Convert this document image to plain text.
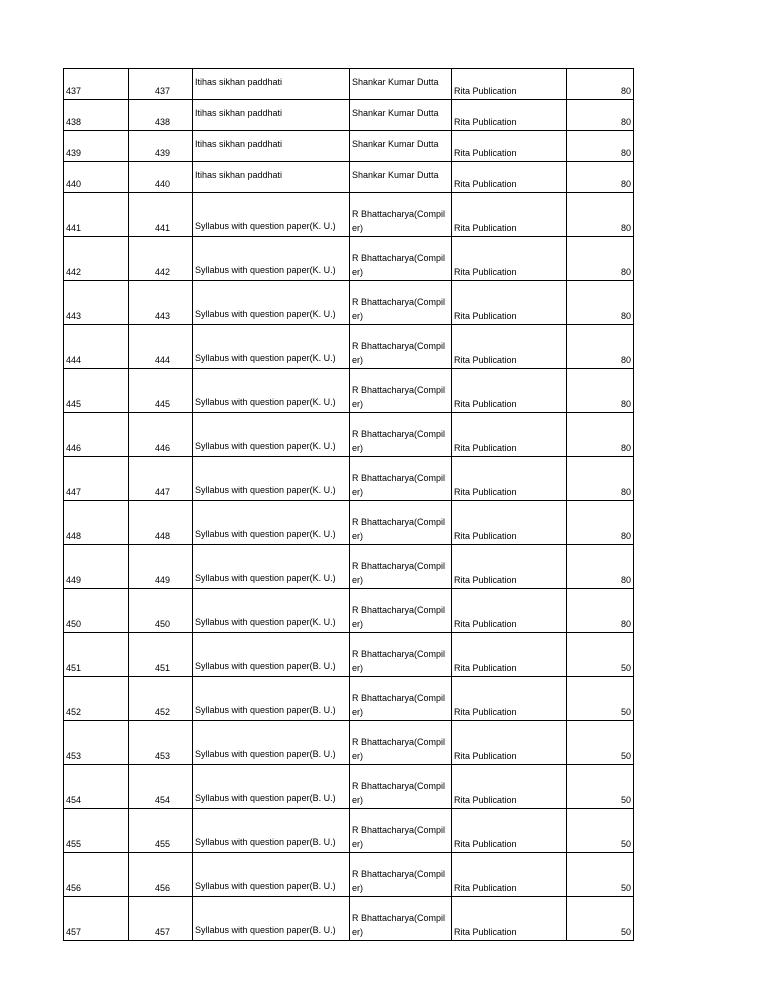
437	437	Itihas sikhan paddhati	Shankar Kumar Dutta	Rita Publication	80
438	438	Itihas sikhan paddhati	Shankar Kumar Dutta	Rita Publication	80
439	439	Itihas sikhan paddhati	Shankar Kumar Dutta	Rita Publication	80
440	440	Itihas sikhan paddhati	Shankar Kumar Dutta	Rita Publication	80
441	441	Syllabus with question paper(K. U.)	R Bhattacharya(Compiler)	Rita Publication	80
442	442	Syllabus with question paper(K. U.)	R Bhattacharya(Compiler)	Rita Publication	80
443	443	Syllabus with question paper(K. U.)	R Bhattacharya(Compiler)	Rita Publication	80
444	444	Syllabus with question paper(K. U.)	R Bhattacharya(Compiler)	Rita Publication	80
445	445	Syllabus with question paper(K. U.)	R Bhattacharya(Compiler)	Rita Publication	80
446	446	Syllabus with question paper(K. U.)	R Bhattacharya(Compiler)	Rita Publication	80
447	447	Syllabus with question paper(K. U.)	R Bhattacharya(Compiler)	Rita Publication	80
448	448	Syllabus with question paper(K. U.)	R Bhattacharya(Compiler)	Rita Publication	80
449	449	Syllabus with question paper(K. U.)	R Bhattacharya(Compiler)	Rita Publication	80
450	450	Syllabus with question paper(K. U.)	R Bhattacharya(Compiler)	Rita Publication	80
451	451	Syllabus with question paper(B. U.)	R Bhattacharya(Compiler)	Rita Publication	50
452	452	Syllabus with question paper(B. U.)	R Bhattacharya(Compiler)	Rita Publication	50
453	453	Syllabus with question paper(B. U.)	R Bhattacharya(Compiler)	Rita Publication	50
454	454	Syllabus with question paper(B. U.)	R Bhattacharya(Compiler)	Rita Publication	50
455	455	Syllabus with question paper(B. U.)	R Bhattacharya(Compiler)	Rita Publication	50
456	456	Syllabus with question paper(B. U.)	R Bhattacharya(Compiler)	Rita Publication	50
457	457	Syllabus with question paper(B. U.)	R Bhattacharya(Compiler)	Rita Publication	50
